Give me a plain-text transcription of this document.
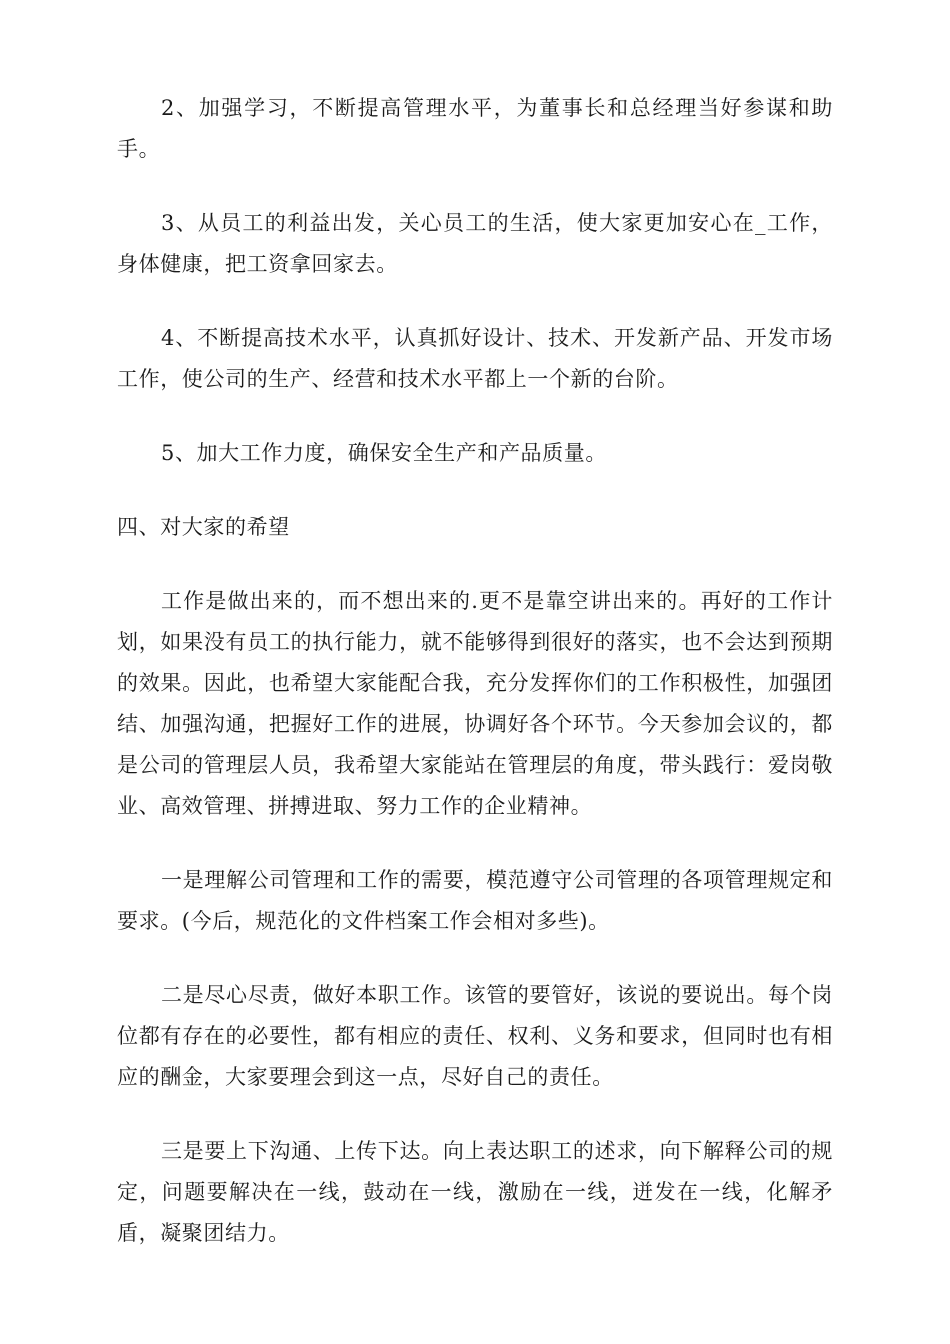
2、加强学习，不断提高管理水平，为董事长和总经理当好参谋和助手。

3、从员工的利益出发，关心员工的生活，使大家更加安心在_工作，身体健康，把工资拿回家去。

4、不断提高技术水平，认真抓好设计、技术、开发新产品、开发市场工作，使公司的生产、经营和技术水平都上一个新的台阶。

5、加大工作力度，确保安全生产和产品质量。

四、对大家的希望

工作是做出来的，而不想出来的.更不是靠空讲出来的。再好的工作计划，如果没有员工的执行能力，就不能够得到很好的落实，也不会达到预期的效果。因此，也希望大家能配合我，充分发挥你们的工作积极性，加强团结、加强沟通，把握好工作的进展，协调好各个环节。今天参加会议的，都是公司的管理层人员，我希望大家能站在管理层的角度，带头践行：爱岗敬业、高效管理、拼搏进取、努力工作的企业精神。

一是理解公司管理和工作的需要，模范遵守公司管理的各项管理规定和要求。(今后，规范化的文件档案工作会相对多些)。

二是尽心尽责，做好本职工作。该管的要管好，该说的要说出。每个岗位都有存在的必要性，都有相应的责任、权利、义务和要求，但同时也有相应的酬金，大家要理会到这一点，尽好自己的责任。

三是要上下沟通、上传下达。向上表达职工的述求，向下解释公司的规定，问题要解决在一线，鼓动在一线，激励在一线，迸发在一线，化解矛盾，凝聚团结力。
